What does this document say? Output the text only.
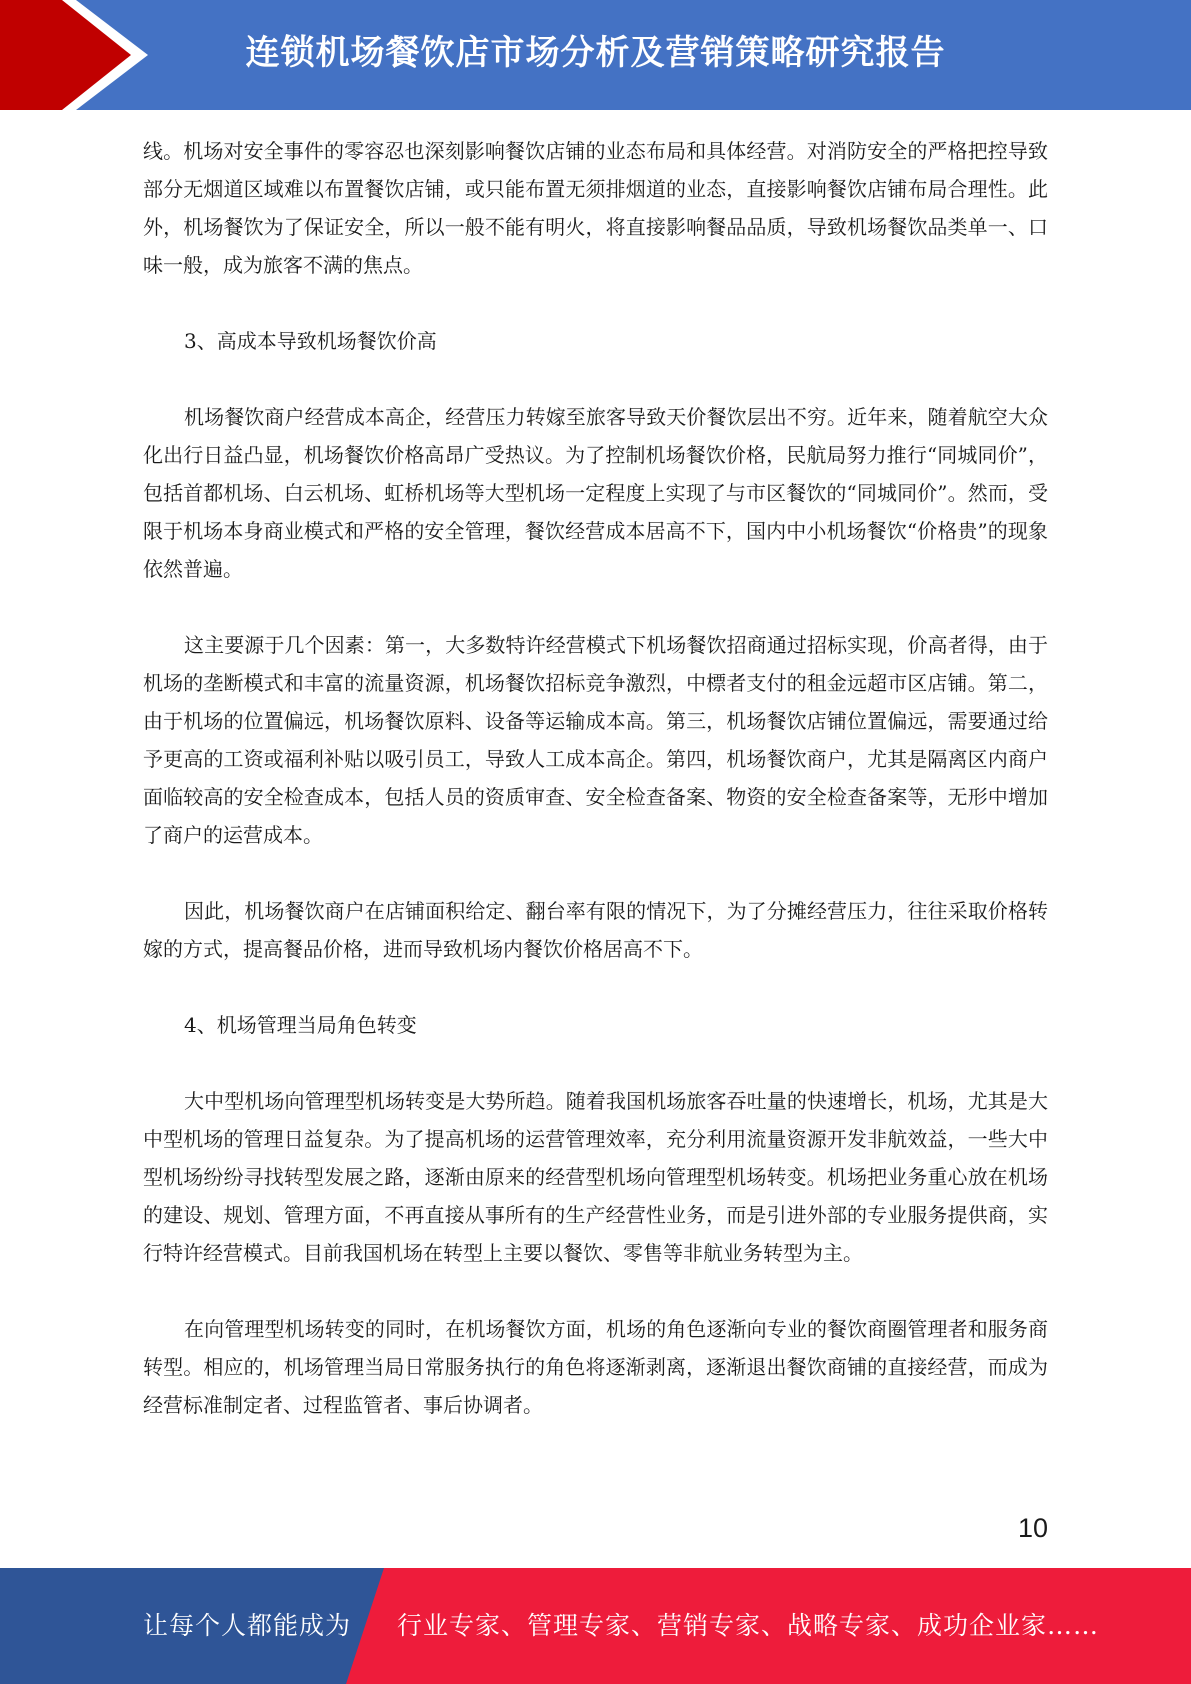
连锁机场餐饮店市场分析及营销策略研究报告

线。机场对安全事件的零容忍也深刻影响餐饮店铺的业态布局和具体经营。对消防安全的严格把控导致部分无烟道区域难以布置餐饮店铺，或只能布置无须排烟道的业态，直接影响餐饮店铺布局合理性。此外，机场餐饮为了保证安全，所以一般不能有明火，将直接影响餐品品质，导致机场餐饮品类单一、口味一般，成为旅客不满的焦点。

3、高成本导致机场餐饮价高

机场餐饮商户经营成本高企，经营压力转嫁至旅客导致天价餐饮层出不穷。近年来，随着航空大众化出行日益凸显，机场餐饮价格高昂广受热议。为了控制机场餐饮价格，民航局努力推行“同城同价”，包括首都机场、白云机场、虹桥机场等大型机场一定程度上实现了与市区餐饮的“同城同价”。然而，受限于机场本身商业模式和严格的安全管理，餐饮经营成本居高不下，国内中小机场餐饮“价格贵”的现象依然普遍。

这主要源于几个因素：第一，大多数特许经营模式下机场餐饮招商通过招标实现，价高者得，由于机场的垄断模式和丰富的流量资源，机场餐饮招标竞争激烈，中標者支付的租金远超市区店铺。第二，由于机场的位置偏远，机场餐饮原料、设备等运输成本高。第三，机场餐饮店铺位置偏远，需要通过给予更高的工资或福利补贴以吸引员工，导致人工成本高企。第四，机场餐饮商户，尤其是隔离区内商户面临较高的安全检查成本，包括人员的资质审查、安全检查备案、物资的安全检查备案等，无形中增加了商户的运营成本。

因此，机场餐饮商户在店铺面积给定、翻台率有限的情况下，为了分摊经营压力，往往采取价格转嫁的方式，提高餐品价格，进而导致机场内餐饮价格居高不下。

4、机场管理当局角色转变

大中型机场向管理型机场转变是大势所趋。随着我国机场旅客吞吐量的快速增长，机场，尤其是大中型机场的管理日益复杂。为了提高机场的运营管理效率，充分利用流量资源开发非航效益，一些大中型机场纷纷寻找转型发展之路，逐渐由原来的经营型机场向管理型机场转变。机场把业务重心放在机场的建设、规划、管理方面，不再直接从事所有的生产经营性业务，而是引进外部的专业服务提供商，实行特许经营模式。目前我国机场在转型上主要以餐饮、零售等非航业务转型为主。

在向管理型机场转变的同时，在机场餐饮方面，机场的角色逐渐向专业的餐饮商圈管理者和服务商转型。相应的，机场管理当局日常服务执行的角色将逐渐剥离，逐渐退出餐饮商铺的直接经营，而成为经营标准制定者、过程监管者、事后协调者。

10
让每个人都能成为 行业专家、管理专家、营销专家、战略专家、成功企业家……
